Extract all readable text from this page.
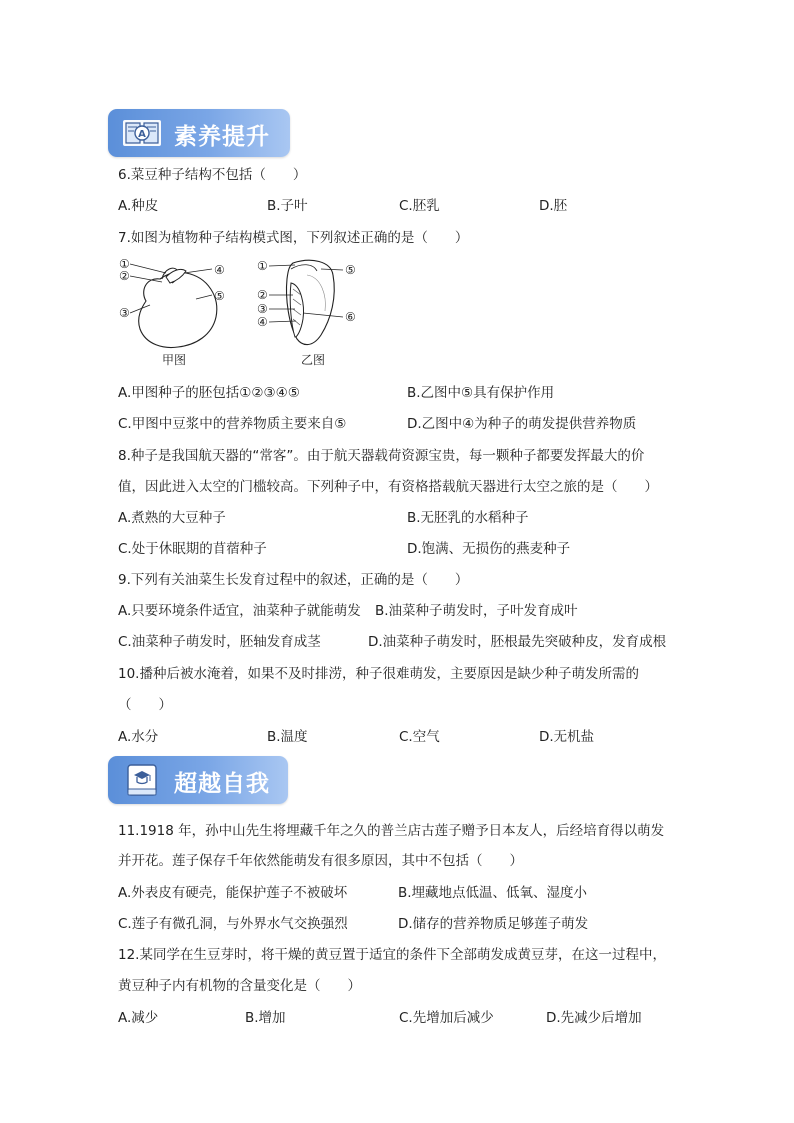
A 素养提升
6.菜豆种子结构不包括（　　）
A.种皮	B.子叶	C.胚乳	D.胚
7.如图为植物种子结构模式图，下列叙述正确的是（　　）
①
②
③
④
⑤
甲图
①
②
③
④
⑤
⑥
乙图
A.甲图种子的胚包括①②③④⑤	B.乙图中⑤具有保护作用
C.甲图中豆浆中的营养物质主要来自⑤	D.乙图中④为种子的萌发提供营养物质
8.种子是我国航天器的“常客”。由于航天器载荷资源宝贵，每一颗种子都要发挥最大的价
值，因此进入太空的门槛较高。下列种子中，有资格搭载航天器进行太空之旅的是（　　）
A.煮熟的大豆种子	B.无胚乳的水稻种子
C.处于休眠期的苜蓿种子	D.饱满、无损伤的燕麦种子
9.下列有关油菜生长发育过程中的叙述，正确的是（　　）
A.只要环境条件适宜，油菜种子就能萌发 B.油菜种子萌发时，子叶发育成叶
C.油菜种子萌发时，胚轴发育成茎	D.油菜种子萌发时，胚根最先突破种皮，发育成根
10.播种后被水淹着，如果不及时排涝，种子很难萌发，主要原因是缺少种子萌发所需的
（　　）
A.水分	B.温度	C.空气	D.无机盐
超越自我
11.1918 年，孙中山先生将埋藏千年之久的普兰店古莲子赠予日本友人，后经培育得以萌发
并开花。莲子保存千年依然能萌发有很多原因，其中不包括（　　）
A.外表皮有硬壳，能保护莲子不被破坏	B.埋藏地点低温、低氧、湿度小
C.莲子有微孔洞，与外界水气交换强烈	D.储存的营养物质足够莲子萌发
12.某同学在生豆芽时，将干燥的黄豆置于适宜的条件下全部萌发成黄豆芽，在这一过程中，
黄豆种子内有机物的含量变化是（　　）
A.减少	B.增加	C.先增加后减少	D.先减少后增加
